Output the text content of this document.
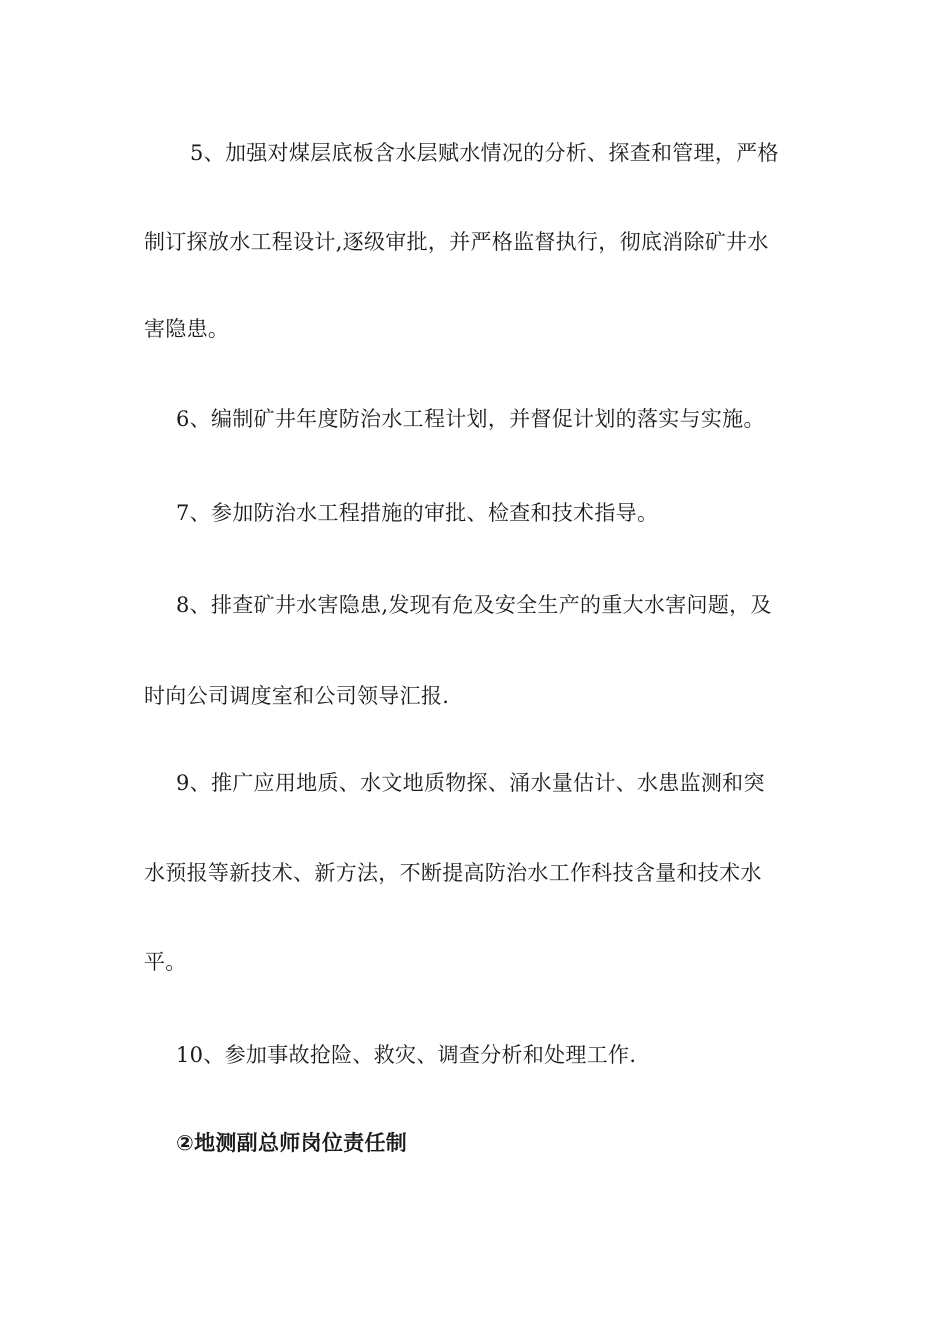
5、加强对煤层底板含水层赋水情况的分析、探查和管理，严格
制订探放水工程设计,逐级审批，并严格监督执行，彻底消除矿井水
害隐患。
6、编制矿井年度防治水工程计划，并督促计划的落实与实施。
7、参加防治水工程措施的审批、检查和技术指导。
8、排查矿井水害隐患,发现有危及安全生产的重大水害问题，及
时向公司调度室和公司领导汇报.
9、推广应用地质、水文地质物探、涌水量估计、水患监测和突
水预报等新技术、新方法，不断提高防治水工作科技含量和技术水
平。
10、参加事故抢险、救灾、调查分析和处理工作.
②地测副总师岗位责任制
